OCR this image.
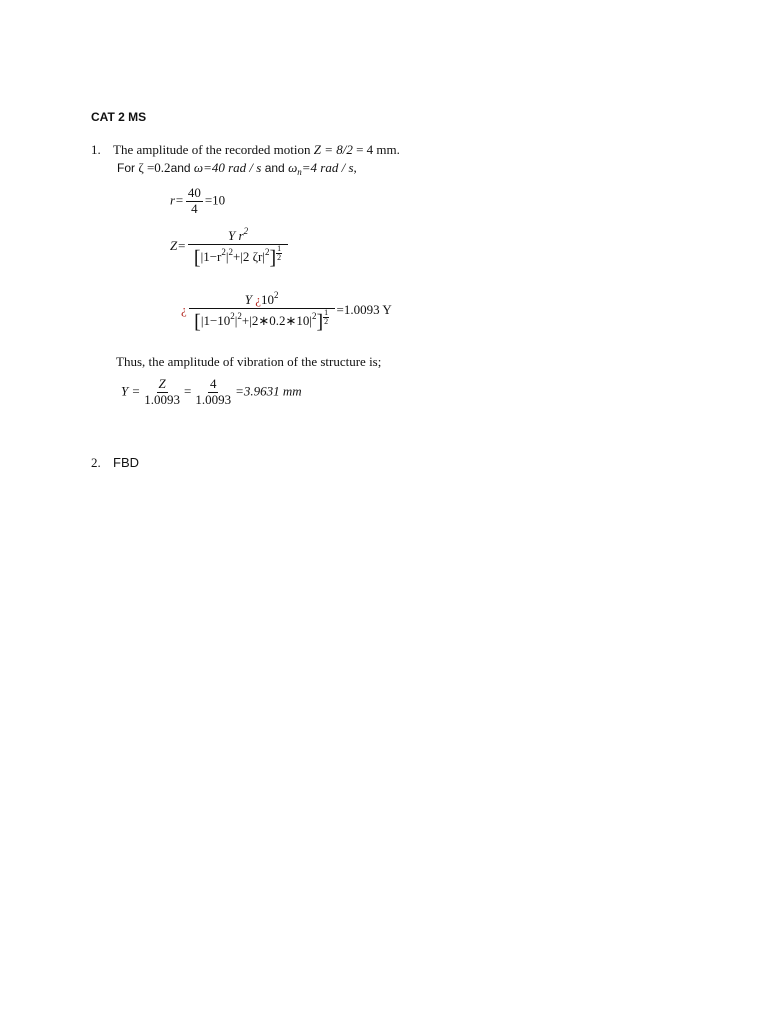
CAT 2 MS
1. The amplitude of the recorded motion Z = 8/2 = 4 mm.
For ζ =0.2and ω=40 rad / s and $\omega_n=4$ rad / s,
$r= \frac{40}{4} =10$
$Z= \frac{Y r^2}{[|1-r^2|^2+|2 \zeta r|^2] \frac{1}{2}}$
¿ $\frac{Y ¿10^2}{[|1-10^2|^2+|2∗0.2∗10|^2] \frac{1}{2}} =1.0093$ Y
Thus, the amplitude of vibration of the structure is;
$Y = \frac{Z}{1.0093} = \frac{4}{1.0093} =3.9631$ mm
2. FBD
